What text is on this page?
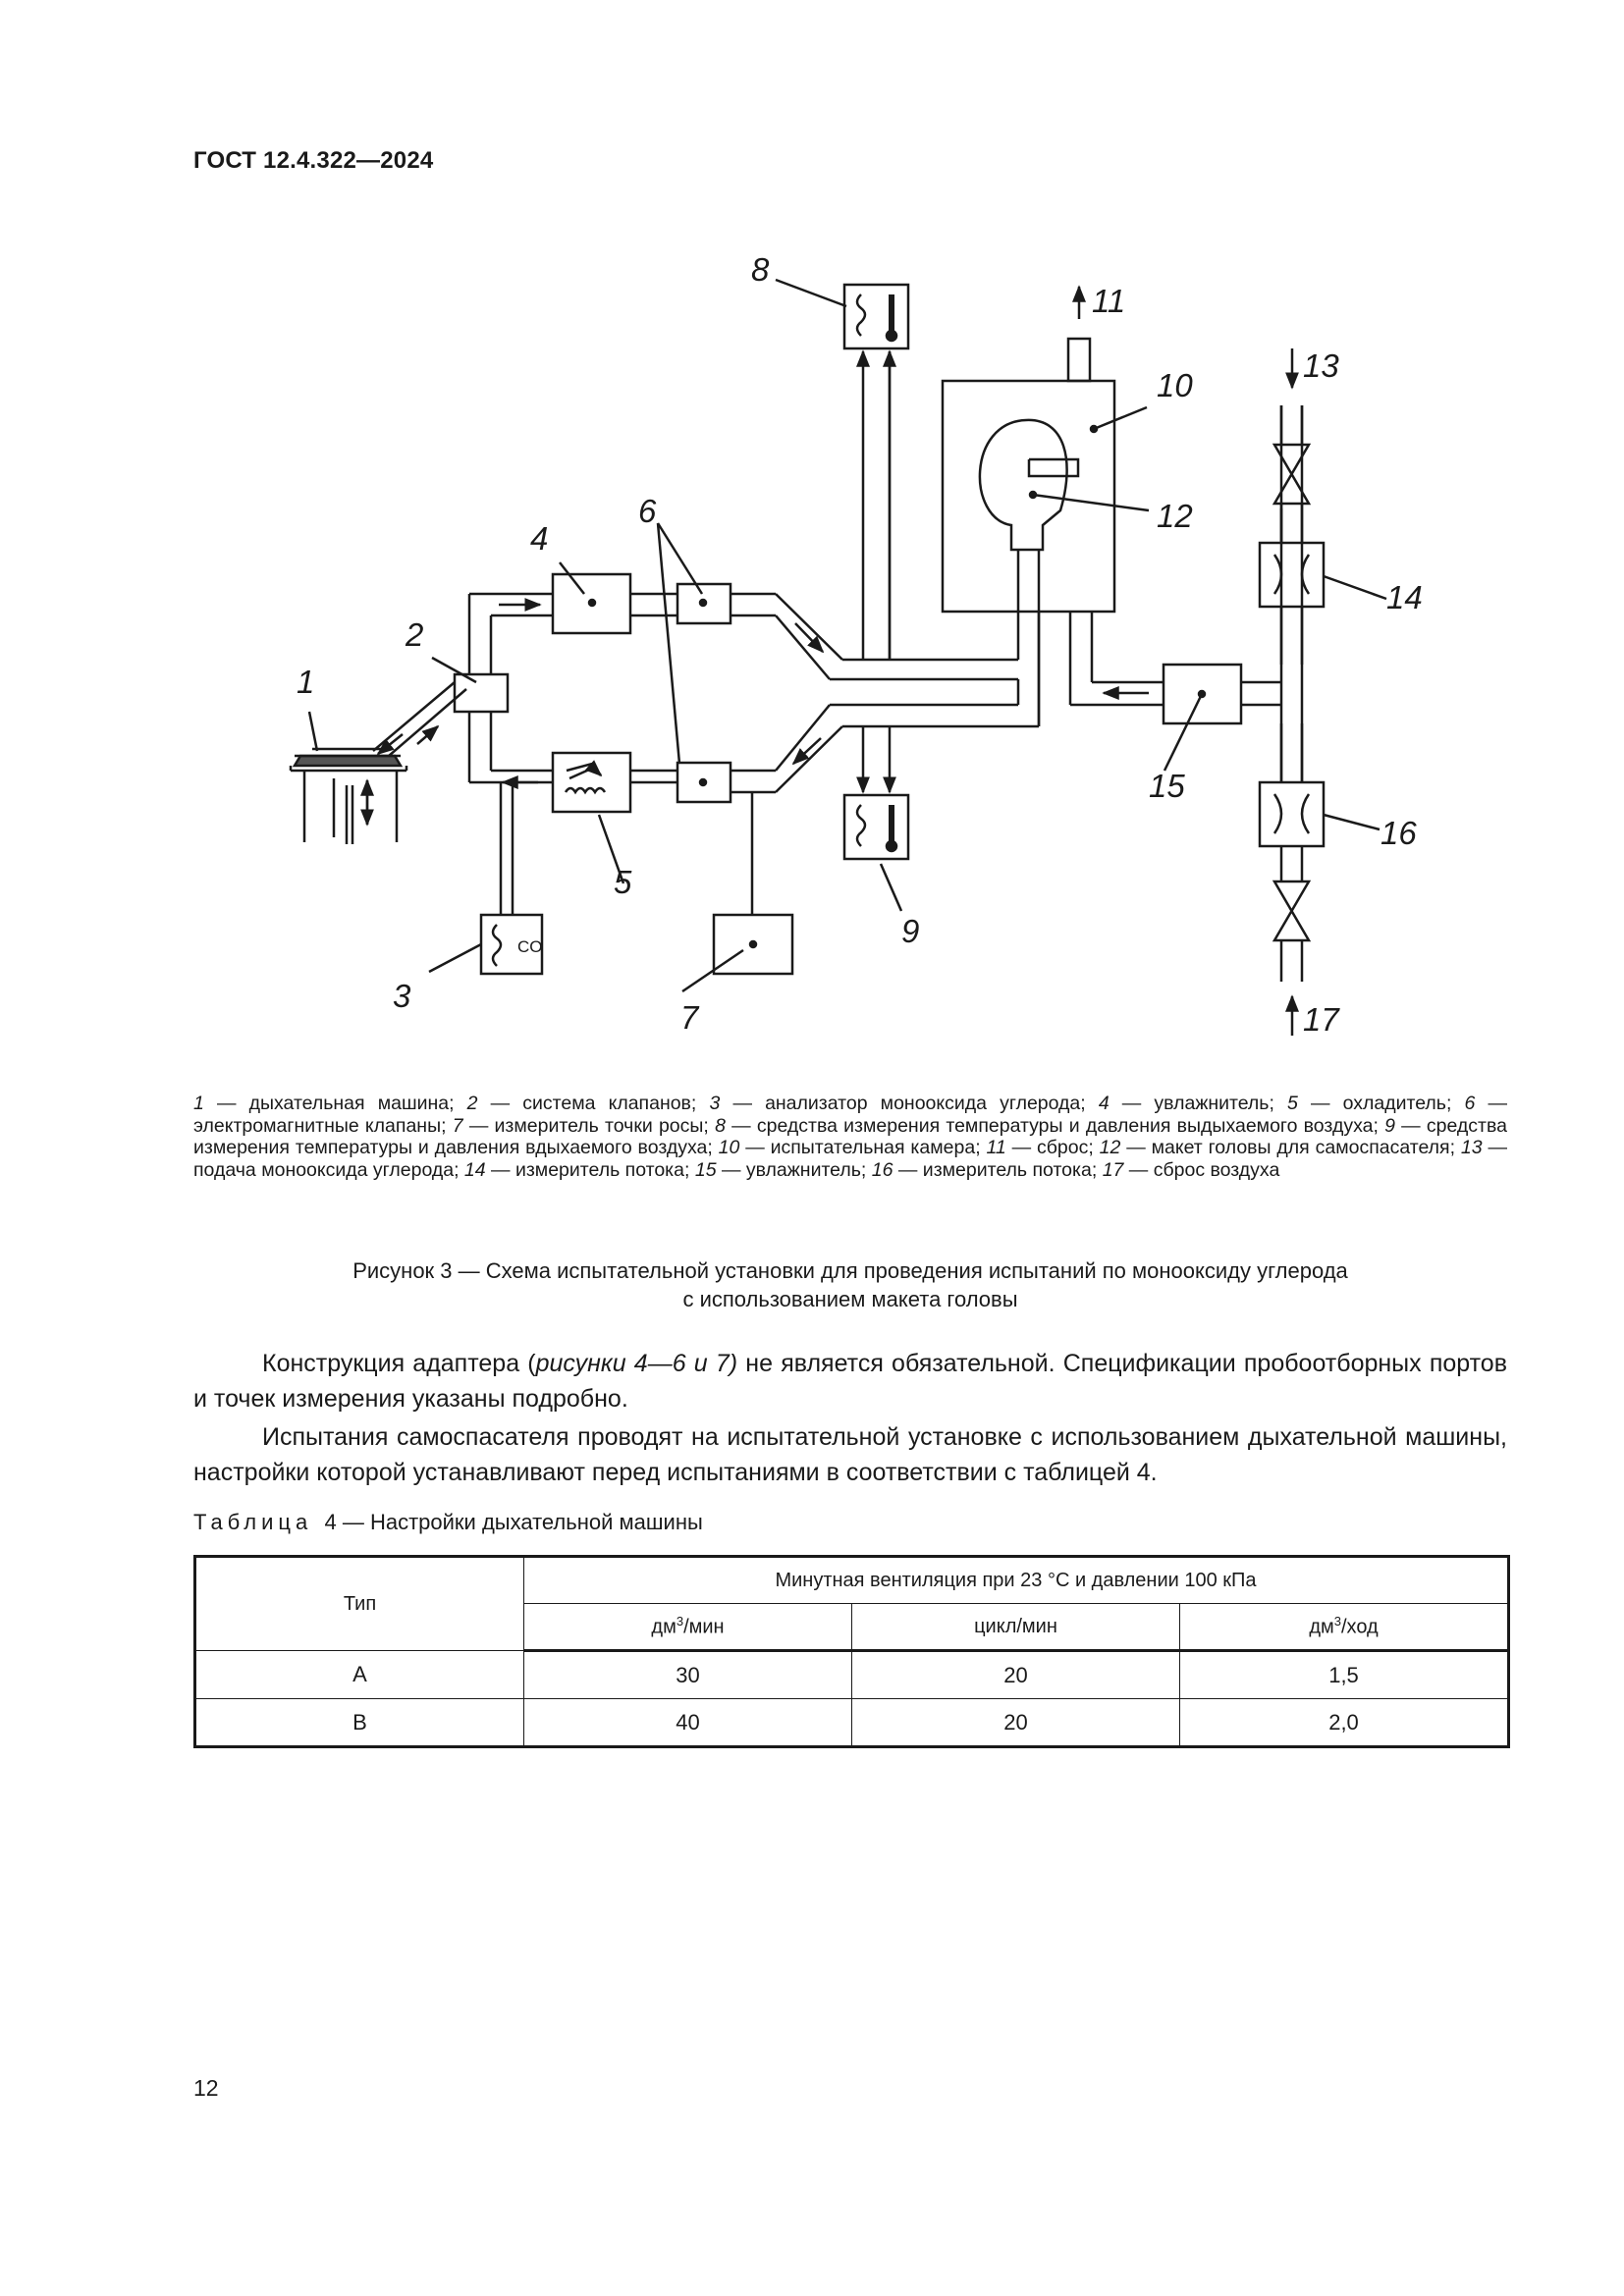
ГОСТ 12.4.322—2024
1
2
3
4
5
6
7
8
9
10
11
12
13
14
15
16
17
CO
1 — дыхательная машина; 2 — система клапанов; 3 — анализатор монооксида углерода; 4 — увлажнитель; 5 — охладитель; 6 — электромагнитные клапаны; 7 — измеритель точки росы; 8 — средства измерения температуры и давления выдыхаемого воздуха; 9 — средства измерения температуры и давления вдыхаемого воздуха; 10 — испытательная камера; 11 — сброс; 12 — макет головы для самоспасателя; 13 — подача монооксида углерода; 14 — измеритель потока; 15 — увлажнитель; 16 — измеритель потока; 17 — сброс воздуха
Рисунок 3 — Схема испытательной установки для проведения испытаний по монооксиду углерода
с использованием макета головы

Конструкция адаптера (рисунки 4—6 и 7) не является обязательной. Спецификации пробоотборных портов и точек измерения указаны подробно.

Испытания самоспасателя проводят на испытательной установке с использованием дыхательной машины, настройки которой устанавливают перед испытаниями в соответствии с таблицей 4.

Таблица 4 — Настройки дыхательной машины
Тип	Минутная вентиляция при 23 °C и давлении 100 кПа		
	$дм^3$/мин	цикл/мин	$дм^3$/ход
А	30	20	1,5
В	40	20	2,0
12
